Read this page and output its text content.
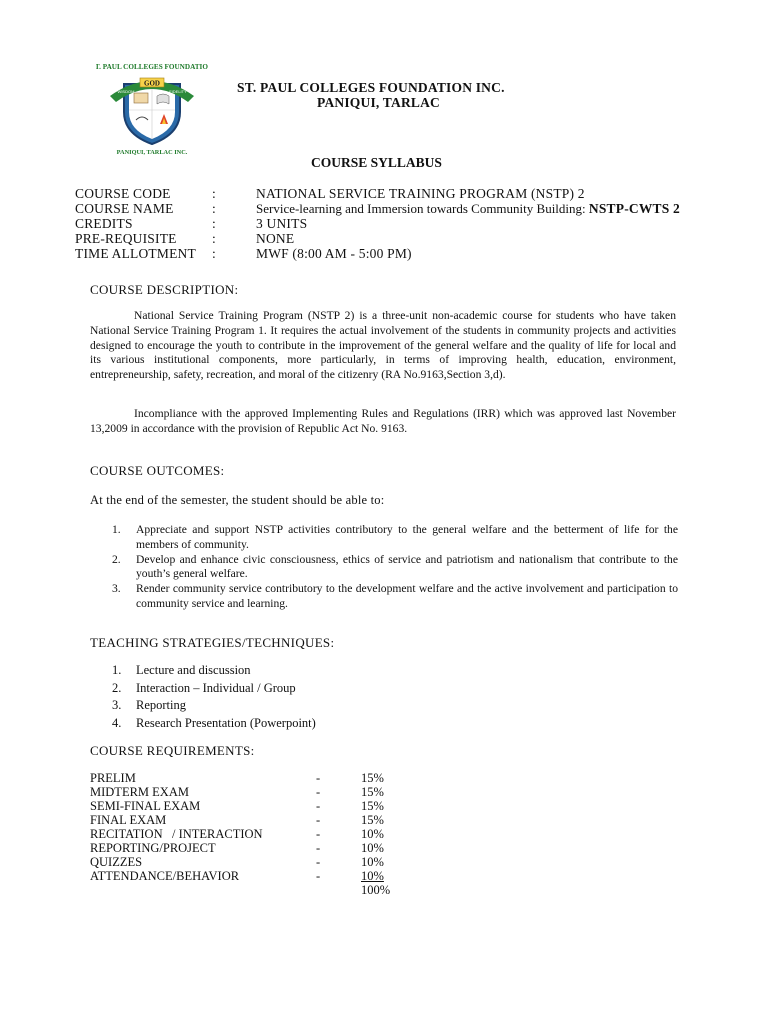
ST. PAUL COLLEGES FOUNDATION
GOD
WISDOM	FIDELITY
PANIQUI, TARLAC INC.
ST. PAUL COLLEGES FOUNDATION INC.
PANIQUI, TARLAC
COURSE SYLLABUS
COURSE CODE	:	NATIONAL SERVICE TRAINING PROGRAM (NSTP) 2
COURSE NAME	:	Service-learning and Immersion towards Community Building: NSTP-CWTS 2
CREDITS	:	3 UNITS
PRE-REQUISITE	:	NONE
TIME ALLOTMENT :	MWF (8:00 AM - 5:00 PM)
COURSE DESCRIPTION:

National Service Training Program (NSTP 2) is a three-unit non-academic course for students who have taken National Service Training Program 1. It requires the actual involvement of the students in community projects and activities designed to encourage the youth to contribute in the improvement of the general welfare and the quality of life for local and its various institutional components, more particularly, in terms of improving health, education, environment, entrepreneurship, safety, recreation, and moral of the citizenry (RA No.9163,Section 3,d).

Incompliance with the approved Implementing Rules and Regulations (IRR) which was approved last November 13,2009 in accordance with the provision of Republic Act No. 9163.

COURSE OUTCOMES:
At the end of the semester, the student should be able to:
1. Appreciate and support NSTP activities contributory to the general welfare and the betterment of life for the members of community.
2. Develop and enhance civic consciousness, ethics of service and patriotism and nationalism that contribute to the youth’s general welfare.
3. Render community service contributory to the development welfare and the active involvement and participation to community service and learning.
TEACHING STRATEGIES/TECHNIQUES:
1. Lecture and discussion
2. Interaction – Individual / Group
3. Reporting
4. Research Presentation (Powerpoint)
COURSE REQUIREMENTS:
PRELIM	-	15%
MIDTERM EXAM	-	15%
SEMI-FINAL EXAM	-	15%
FINAL EXAM	-	15%
RECITATION   / INTERACTION	-	10%
REPORTING/PROJECT	-	10%
QUIZZES	-	10%
ATTENDANCE/BEHAVIOR	-	10%
100%
